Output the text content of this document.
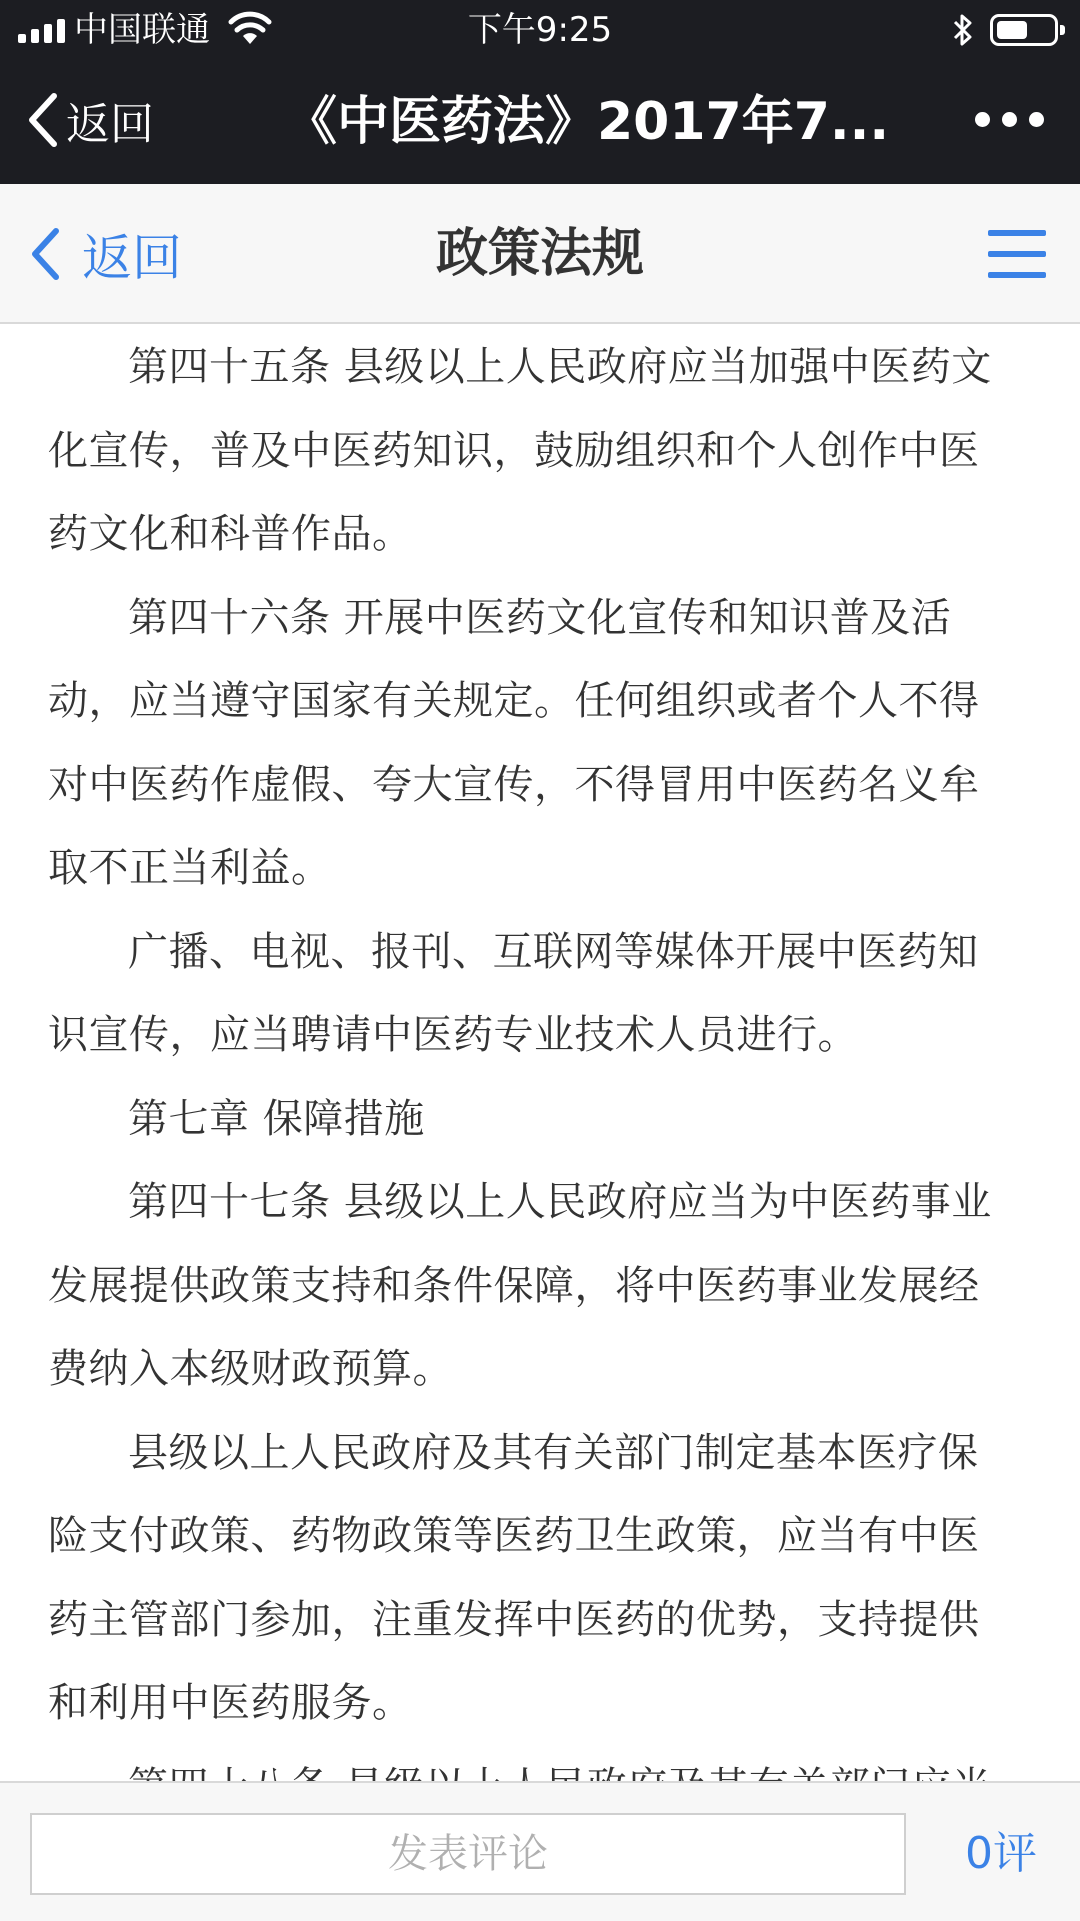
中国联通	下午9:25
返回	《中医药法》2017年7...
返回	政策法规

第四十五条 县级以上人民政府应当加强中医药文化宣传，普及中医药知识，鼓励组织和个人创作中医药文化和科普作品。

第四十六条 开展中医药文化宣传和知识普及活动，应当遵守国家有关规定。任何组织或者个人不得对中医药作虚假、夸大宣传，不得冒用中医药名义牟取不正当利益。

广播、电视、报刊、互联网等媒体开展中医药知识宣传，应当聘请中医药专业技术人员进行。

第七章 保障措施

第四十七条 县级以上人民政府应当为中医药事业发展提供政策支持和条件保障，将中医药事业发展经费纳入本级财政预算。

县级以上人民政府及其有关部门制定基本医疗保险支付政策、药物政策等医药卫生政策，应当有中医药主管部门参加，注重发挥中医药的优势，支持提供和利用中医药服务。

发表评论	0评
